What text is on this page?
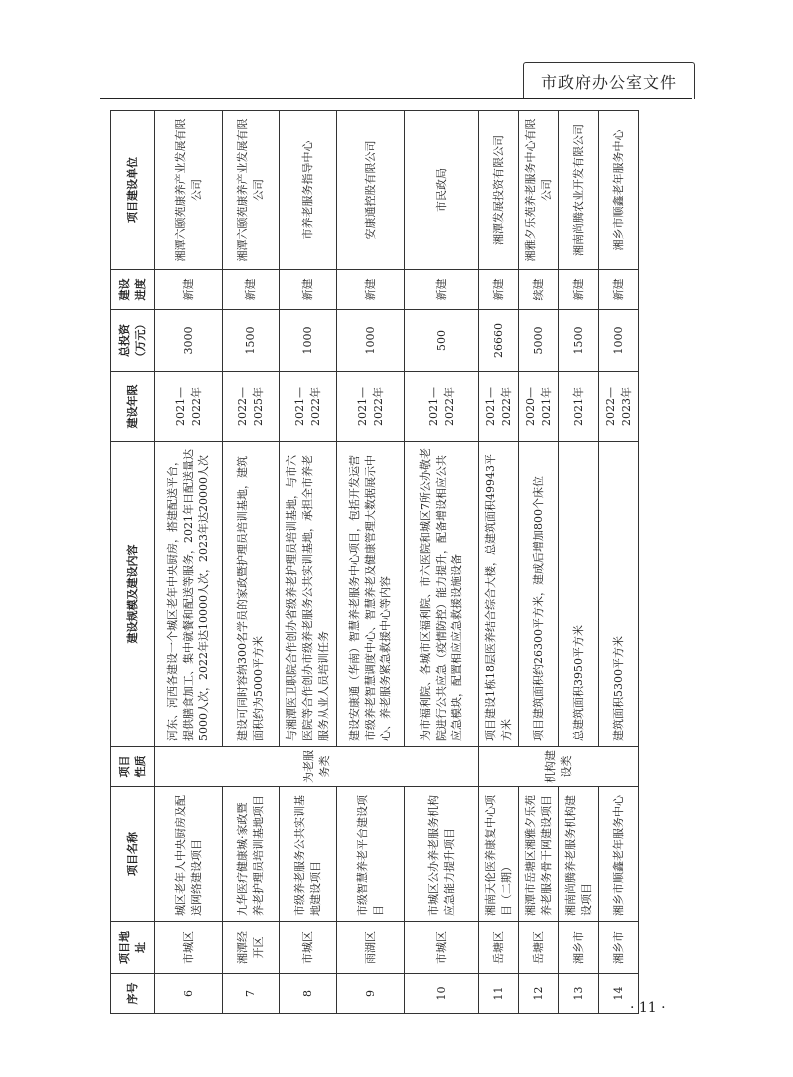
市政府办公室文件
序号	项目地址	项目名称	项目性质	建设规模及建设内容	建设年限	总投资（万元）	建设进度	项目建设单位
6	市城区	城区老年人中央厨房及配送网络建设项目	为老服务类	河东、河西各建设一个城区老年中央厨房，搭建配送平台，提供膳食加工、集中就餐和配送等服务，2021年日配送量达5000人次，2022年达10000人次，2023年达20000人次	2021—2022年	3000	新建	湘潭六颐苑康养产业发展有限公司
7	湘潭经开区	九华医疗健康城·家政暨养老护理员培训基地项目		建设可同时容纳300名学员的家政暨护理员培训基地，建筑面积约为5000平方米	2022—2025年	1500	新建	湘潭六颐苑康养产业发展有限公司
8	市城区	市级养老服务公共实训基地建设项目		与湘潭医卫职院合作创办省级养老护理员培训基地，与市六医院等合作创办市级养老服务公共实训基地，承担全市养老服务从业人员培训任务	2021—2022年	1000	新建	市养老服务指导中心
9	雨湖区	市级智慧养老平台建设项目		建设安康通（华南）智慧养老服务中心项目，包括开发运营市级养老智慧调度中心、智慧养老及健康管理大数据展示中心、养老服务紧急救援中心等内容	2021—2022年	1000	新建	安康通控股有限公司
10	市城区	市城区公办养老服务机构应急能力提升项目		为市福利院、各城市区福利院、市六医院和城区7所公办敬老院进行公共应急（疫情防控）能力提升，配备增设相应公共应急模块，配置相应应急救援设施设备	2021—2022年	500	新建	市民政局
11	岳塘区	湘南天伦医养康复中心项目（二期）	机构建设类	项目建设1栋18层医养结合综合大楼，总建筑面积49943平方米	2021—2022年	26660	新建	湘潭发展投资有限公司
12	岳塘区	湘潭市岳塘区湘雅夕乐苑养老服务骨干网建设项目		项目建筑面积约26300平方米，建成后增加800个床位	2020—2021年	5000	续建	湘雅夕乐苑养老服务中心有限公司
13	湘乡市	湘南尚腾养老服务机构建设项目		总建筑面积3950平方米	2021年	1500	新建	湘南尚腾农业开发有限公司
14	湘乡市	湘乡市顺鑫老年服务中心		建筑面积5300平方米	2022—2023年	1000	新建	湘乡市顺鑫老年服务中心
· 11 ·
